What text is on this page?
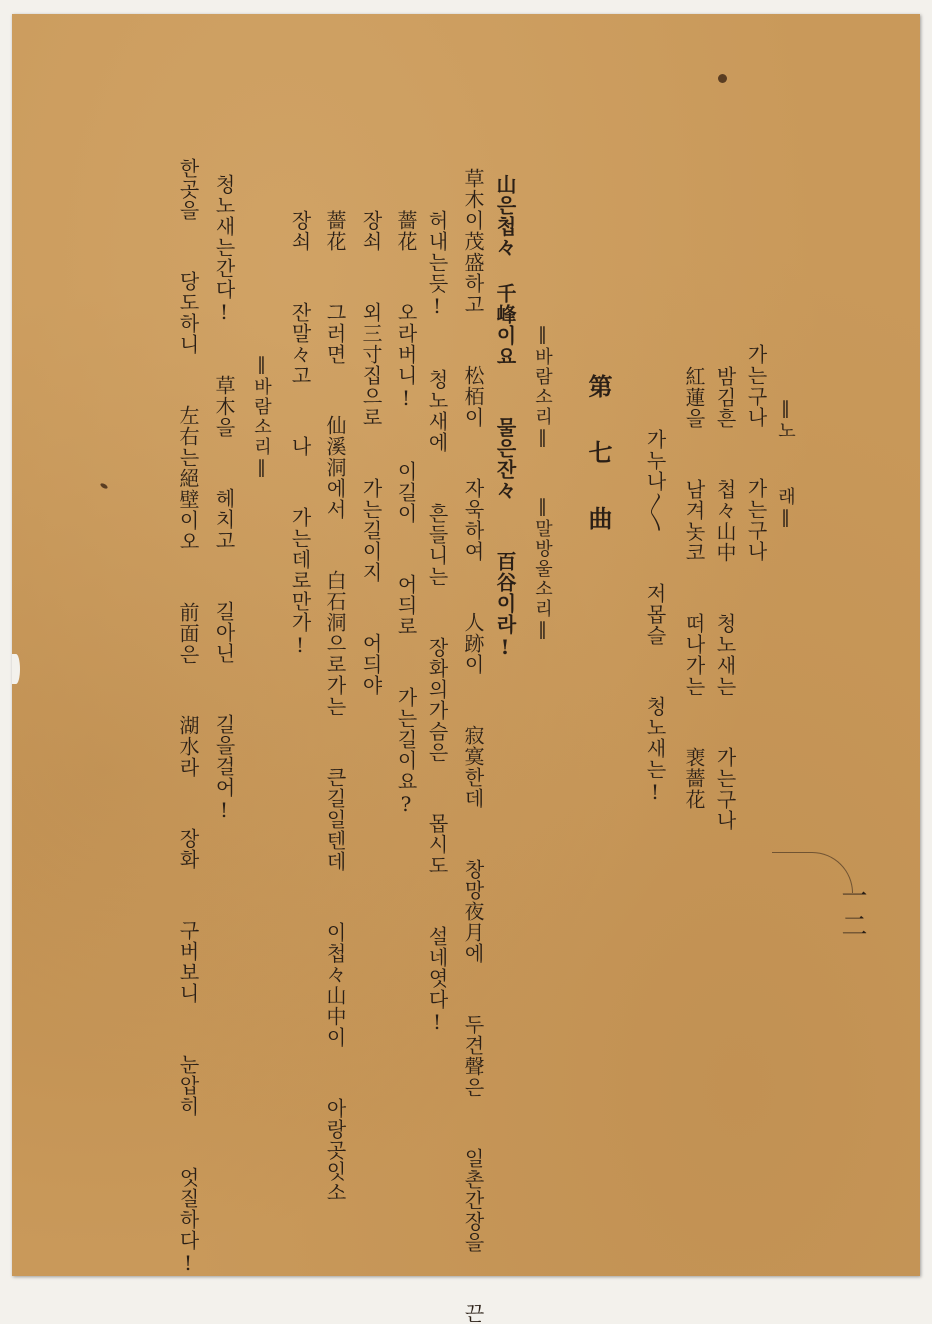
一二
‖노  래‖
가는구나  가는구나
밤김흔  첩々山中  청노새는  가는구나
紅蓮을  남겨놋코  떠나가는  裵薔花
가누나〳〵  저몹슬  청노새는!
第七曲
‖바람소리‖  ‖말방울소리‖
山은첩々 千峰이요  물은잔々  百谷이라!
草木이茂盛하고  松栢이  자욱하여  人跡이  寂寞한데  창망夜月에  두견聲은  일촌간장을  끈
허내는듯!  청노새에  흔들니는  장화의가슴은  몹시도  설네엿다!
薔花  오라버니!  이길이  어듸로  가는길이요?
장쇠  외三寸집으로  가는길이지  어듸야
薔花  그러면  仙溪洞에서  白石洞으로가는  큰길일텐데  이첩々山中이  아랑곳잇소
장쇠  잔말々고  나  가는데로만가!
‖바람소리‖
청노새는간다!  草木을  헤치고  길아닌  길을걸어!
한곳을  당도하니  左右는絕壁이오  前面은  湖水라  장화  구버보니  눈압히  엇질하다!
